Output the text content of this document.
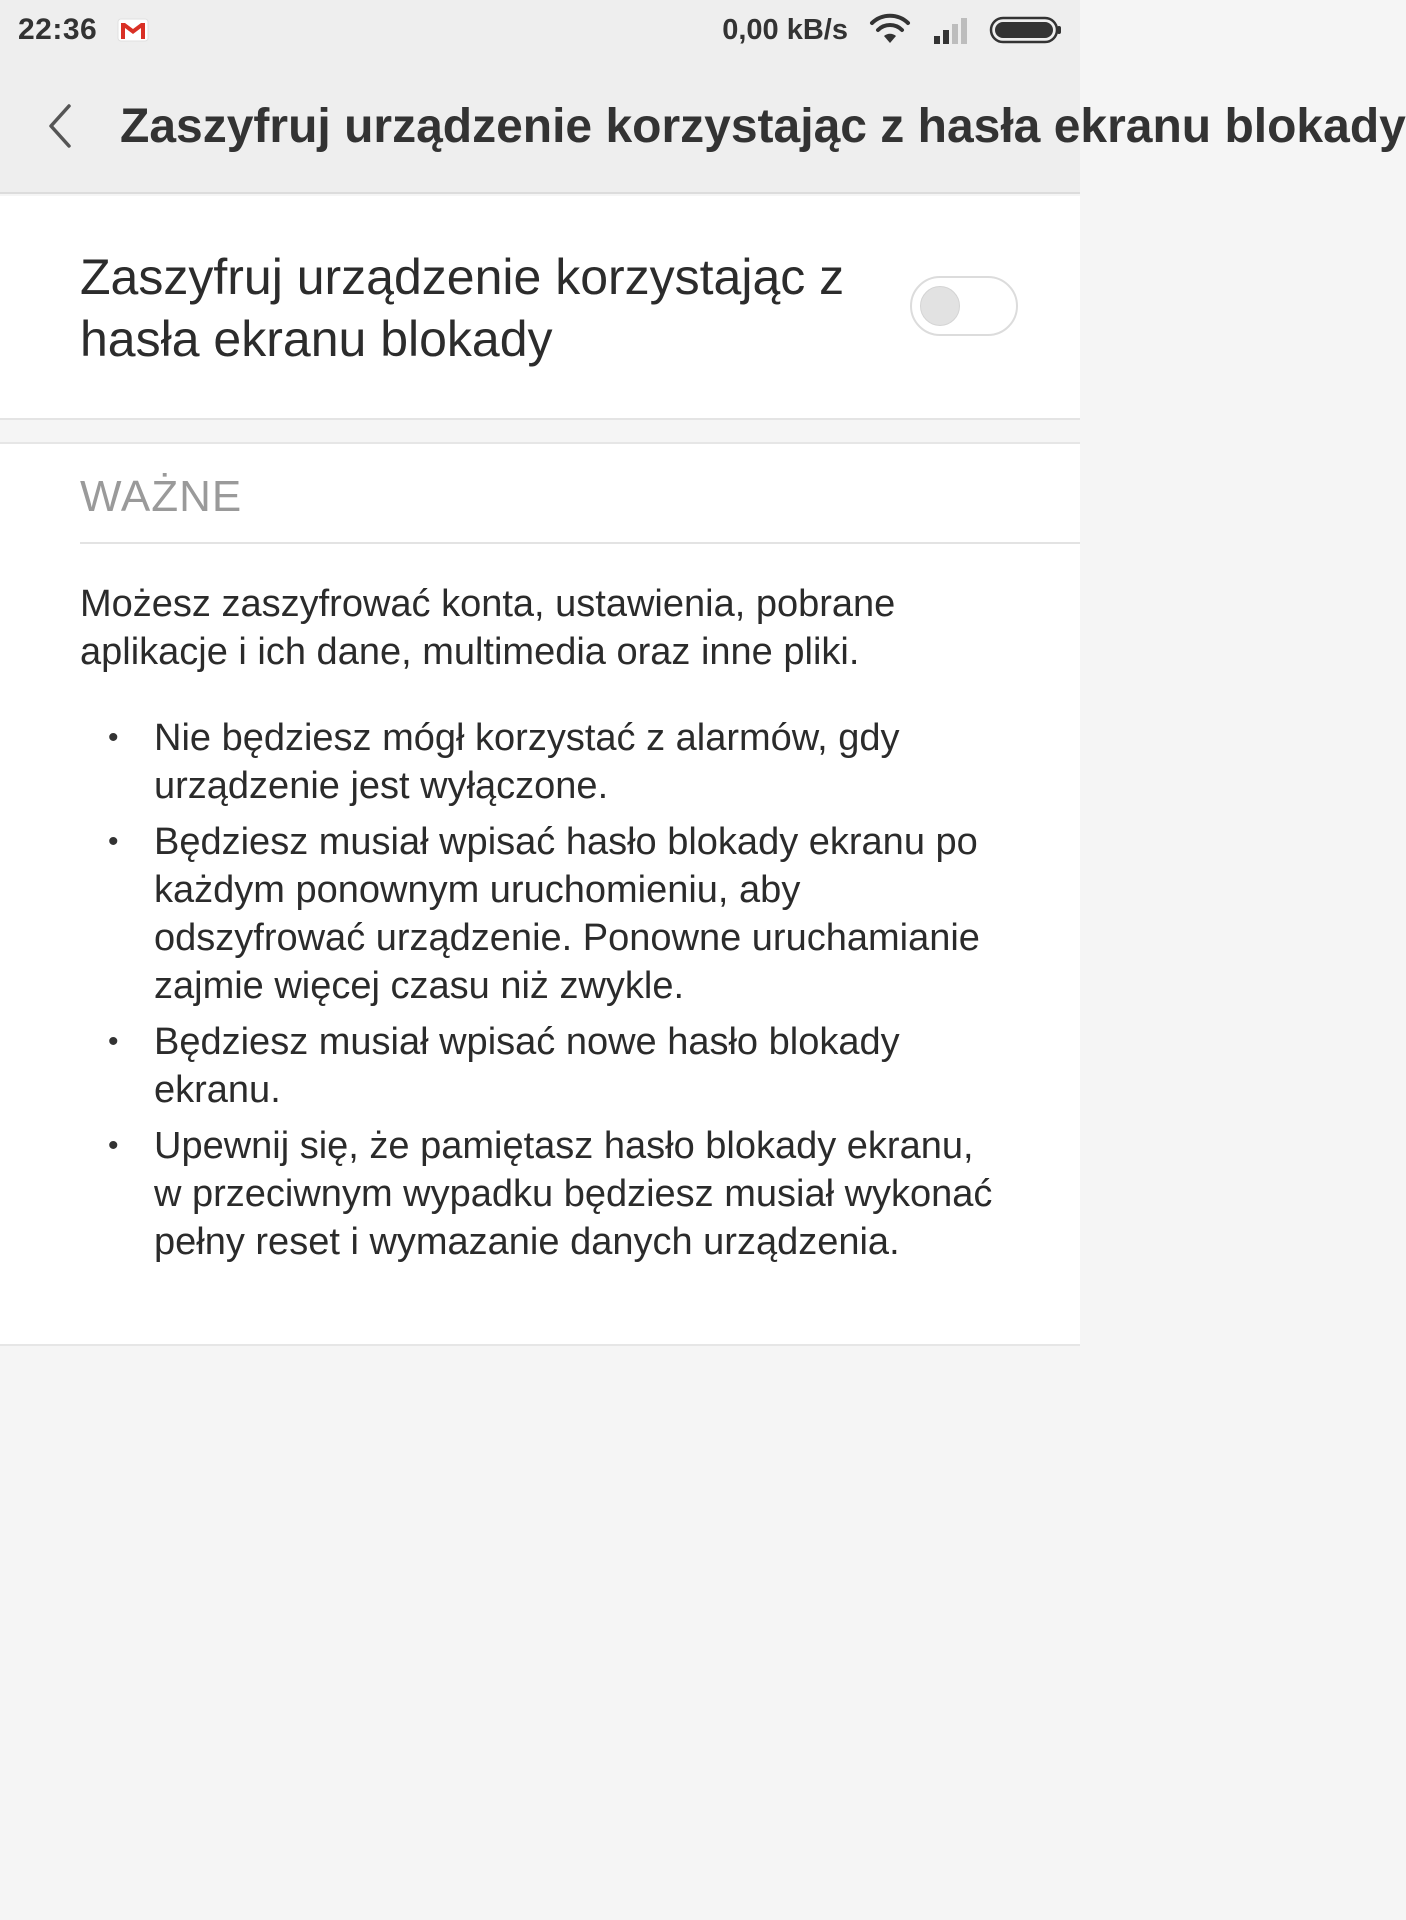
22:36	0,00 kB/s
Zaszyfruj urządzenie korzystając z hasła ekranu blokady
Zaszyfruj urządzenie korzystając z hasła ekranu blokady
WAŻNE
Możesz zaszyfrować konta, ustawienia, pobrane aplikacje i ich dane, multimedia oraz inne pliki.
• Nie będziesz mógł korzystać z alarmów, gdy urządzenie jest wyłączone.
• Będziesz musiał wpisać hasło blokady ekranu po każdym ponownym uruchomieniu, aby odszyfrować urządzenie. Ponowne uruchamianie zajmie więcej czasu niż zwykle.
• Będziesz musiał wpisać nowe hasło blokady ekranu.
• Upewnij się, że pamiętasz hasło blokady ekranu, w przeciwnym wypadku będziesz musiał wykonać pełny reset i wymazanie danych urządzenia.
